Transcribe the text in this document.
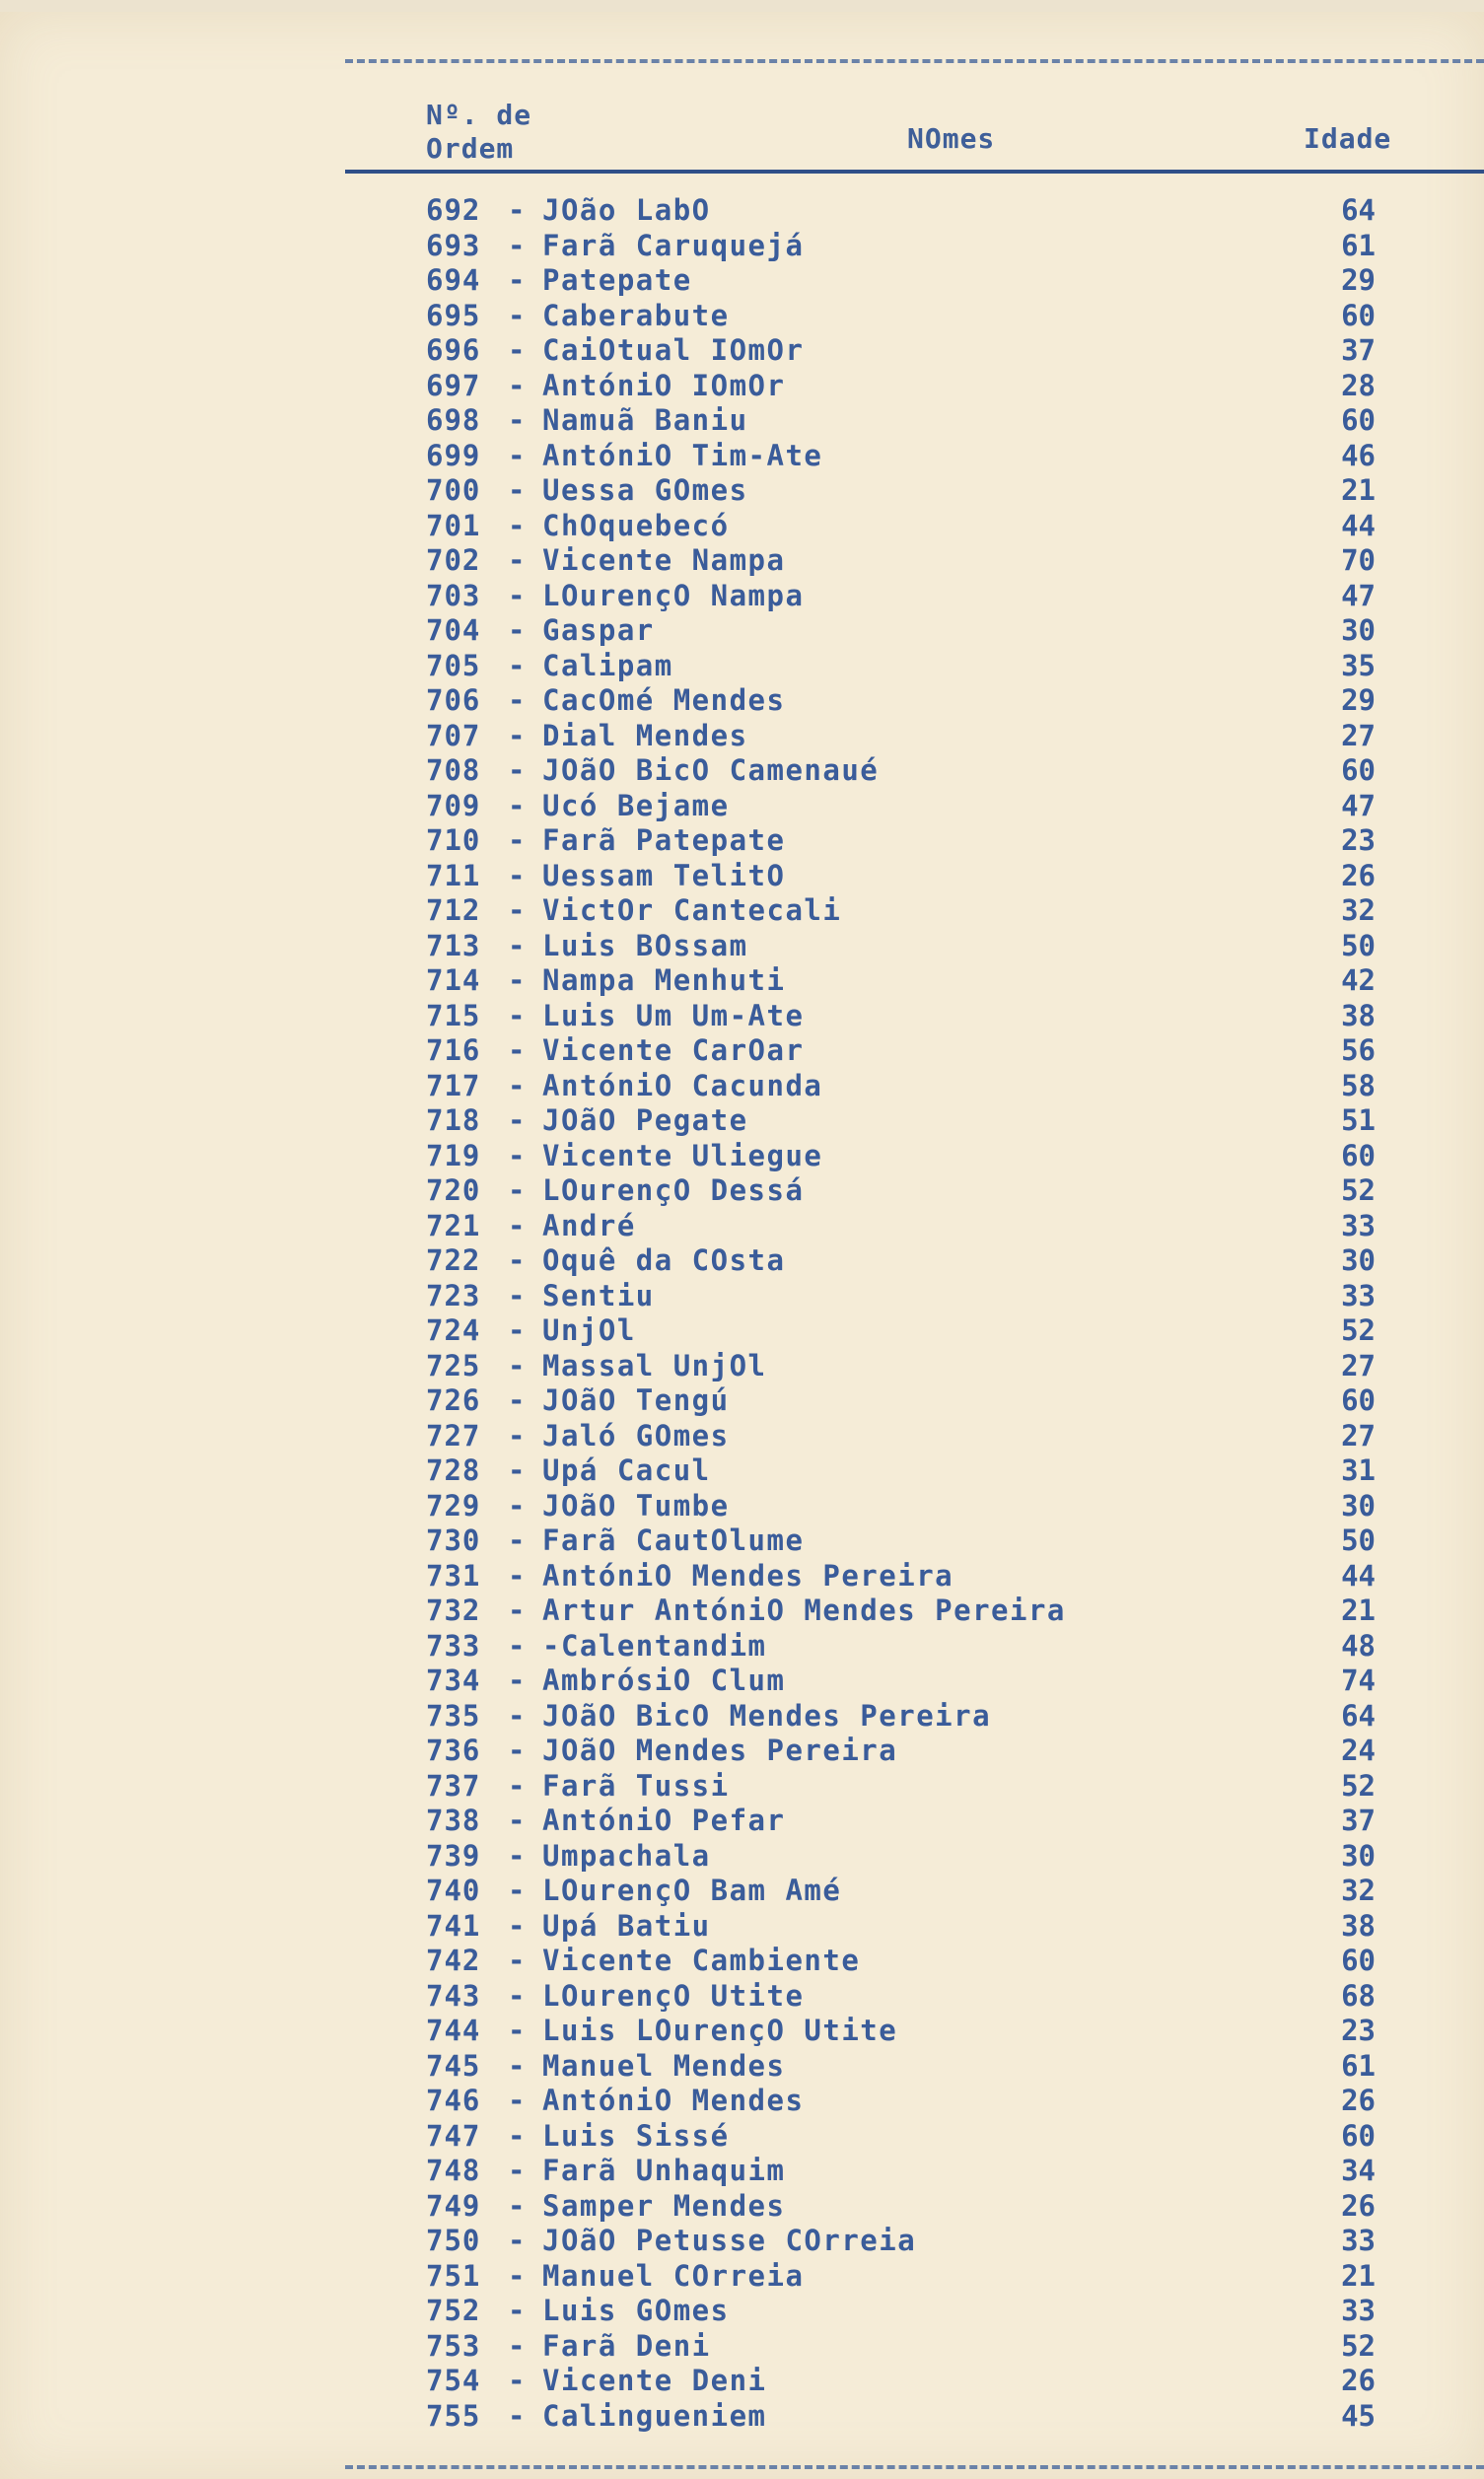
Nº. de Ordem	NOmes	Idade
692 - JOão LabO	64
693 - Farã Caruquejá	61
694 - Patepate	29
695 - Caberabute	60
696 - CaiOtual IOmOr	37
697 - AntóniO IOmOr	28
698 - Namuã Baniu	60
699 - AntóniO Tim-Ate	46
700 - Uessa GOmes	21
701 - ChOquebecó	44
702 - Vicente Nampa	70
703 - LOurençO Nampa	47
704 - Gaspar	30
705 - Calipam	35
706 - CacOmé Mendes	29
707 - Dial Mendes	27
708 - JOãO BicO Camenaué	60
709 - Ucó Bejame	47
710 - Farã Patepate	23
711 - Uessam TelitO	26
712 - VictOr Cantecali	32
713 - Luis BOssam	50
714 - Nampa Menhuti	42
715 - Luis Um Um-Ate	38
716 - Vicente CarOar	56
717 - AntóniO Cacunda	58
718 - JOãO Pegate	51
719 - Vicente Uliegue	60
720 - LOurençO Dessá	52
721 - André	33
722 - Oquê da COsta	30
723 - Sentiu	33
724 - UnjOl	52
725 - Massal UnjOl	27
726 - JOãO Tengú	60
727 - Jaló GOmes	27
728 - Upá Cacul	31
729 - JOãO Tumbe	30
730 - Farã CautOlume	50
731 - AntóniO Mendes Pereira	44
732 - Artur AntóniO Mendes Pereira	21
733 - -Calentandim	48
734 - AmbrósiO Clum	74
735 - JOãO BicO Mendes Pereira	64
736 - JOãO Mendes Pereira	24
737 - Farã Tussi	52
738 - AntóniO Pefar	37
739 - Umpachala	30
740 - LOurençO Bam Amé	32
741 - Upá Batiu	38
742 - Vicente Cambiente	60
743 - LOurençO Utite	68
744 - Luis LOurençO Utite	23
745 - Manuel Mendes	61
746 - AntóniO Mendes	26
747 - Luis Sissé	60
748 - Farã Unhaquim	34
749 - Samper Mendes	26
750 - JOãO Petusse COrreia	33
751 - Manuel COrreia	21
752 - Luis GOmes	33
753 - Farã Deni	52
754 - Vicente Deni	26
755 - Calingueniem	45
